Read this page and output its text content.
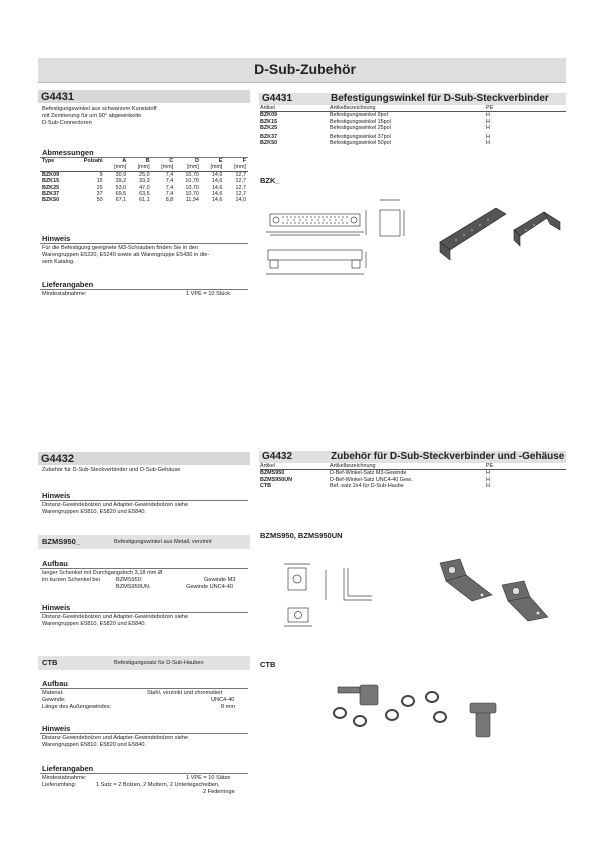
D-Sub-Zubehör
G4431
Befestigungswinkel aus schwarzem Kunststoff
mit Zentrierung für um 90° abgewinkelte
D-Sub-Connectoren
Abmessungen
Type	Polzahl	A	B	C	D	E	F
		[mm]	[mm]	[mm]	[mm]	[mm]	[mm]
BZK09	9	30,9	25,0	7,4	10,70	14,6	12,7
BZK15	15	39,2	33,3	7,4	10,70	14,6	12,7
BZK25	25	53,0	47,0	7,4	10,70	14,6	12,7
BZK37	37	69,5	63,5	7,4	10,70	14,6	12,7
BZK50	50	67,1	61,1	8,8	11,94	14,6	14,0
Hinweis
Für die Befestigung geeignete M3-Schrauben finden Sie in den
Warengruppen E5220, E5240 sowie ab Warengruppe E5430 in die-
sem Katalog.
Lieferangaben
Mindestabnahme:	1 VPE = 10 Stück
G4431	Befestigungswinkel für D-Sub-Steckverbinder
Artikel	Artikelbezeichnung	PE
BZK09	Befestigungswinkel 9pol	H
BZK15	Befestigungswinkel 15pol	H
BZK25	Befestigungswinkel 25pol	H
BZK37	Befestigungswinkel 37pol	H
BZK50	Befestigungswinkel 50pol	H
BZK_
G4432
Zubehör für D-Sub-Steckverbinder und D-Sub-Gehäuse
Hinweis
Distanz-Gewindebolzen und Adapter-Gewindebolzen siehe
Warengruppen E5810, E5820 und E5840.
BZMS950_	Befestigungswinkel aus Metall, verzinnt
Aufbau
langer Schenkel mit Durchgangsloch 3,18 mm Ø
im kurzen Schenkel bei	BZMS950:	Gewinde M3
BZMS950UN:	Gewinde UNC4-40
Hinweis
Distanz-Gewindebolzen und Adapter-Gewindebolzen siehe
Warengruppen E5810, E5820 und E5840.
CTB	Befestigungssatz für D-Sub-Hauben
Aufbau
Material:	Stahl, verzinkt und chromatiert
Gewinde:	UNC4-40
Länge des Außengewindes:	8 mm
Hinweis
Distanz-Gewindebolzen und Adapter-Gewindebolzen siehe
Warengruppen E5810, E5820 und E5840.
Lieferangaben
Mindestabnahme:	1 VPE = 10 Sätze
Lieferumfang:	1 Satz = 2 Bolzen, 2 Muttern, 2 Unterlegscheiben,
2 Federringe
G4432	Zubehör für D-Sub-Steckverbinder und -Gehäuse
Artikel	Artikelbezeichnung	PE
BZMS950	D-Bef-Winkel-Satz M3-Gewinde	H
BZMS950UN	D-Bef-Winkel-Satz UNC4-40 Gew.	H
CTB	Bef.-satz 2x4 für D-Sub-Haube	H
BZMS950, BZMS950UN
CTB
